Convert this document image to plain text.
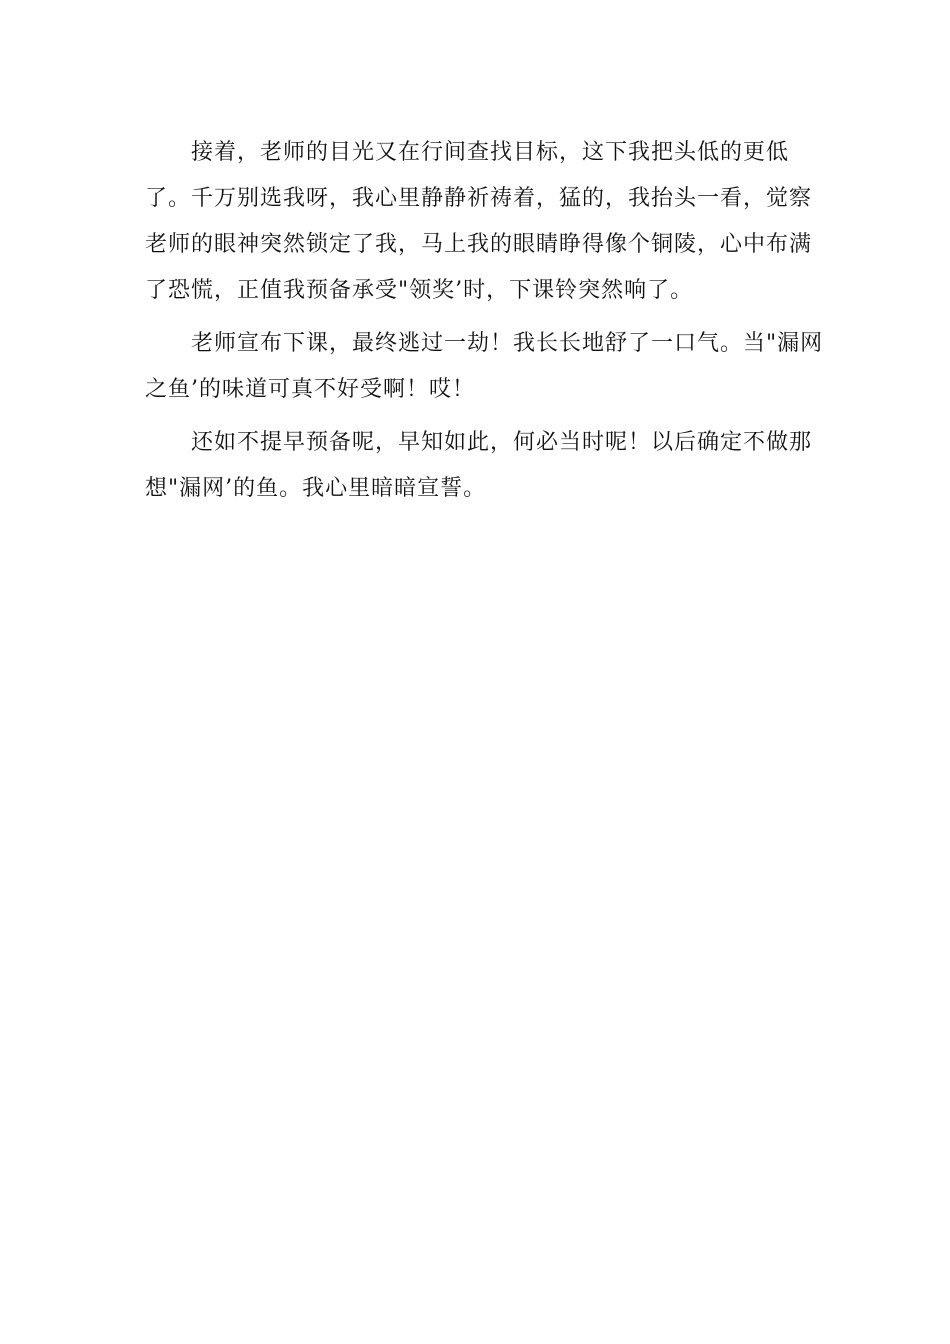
接着，老师的目光又在行间查找目标，这下我把头低的更低了。千万别选我呀，我心里静静祈祷着，猛的，我抬头一看，觉察老师的眼神突然锁定了我，马上我的眼睛睁得像个铜陵，心中布满了恐慌，正值我预备承受"领奖’时，下课铃突然响了。

老师宣布下课，最终逃过一劫！我长长地舒了一口气。当"漏网之鱼’的味道可真不好受啊！哎！

还如不提早预备呢，早知如此，何必当时呢！以后确定不做那想"漏网’的鱼。我心里暗暗宣誓。
